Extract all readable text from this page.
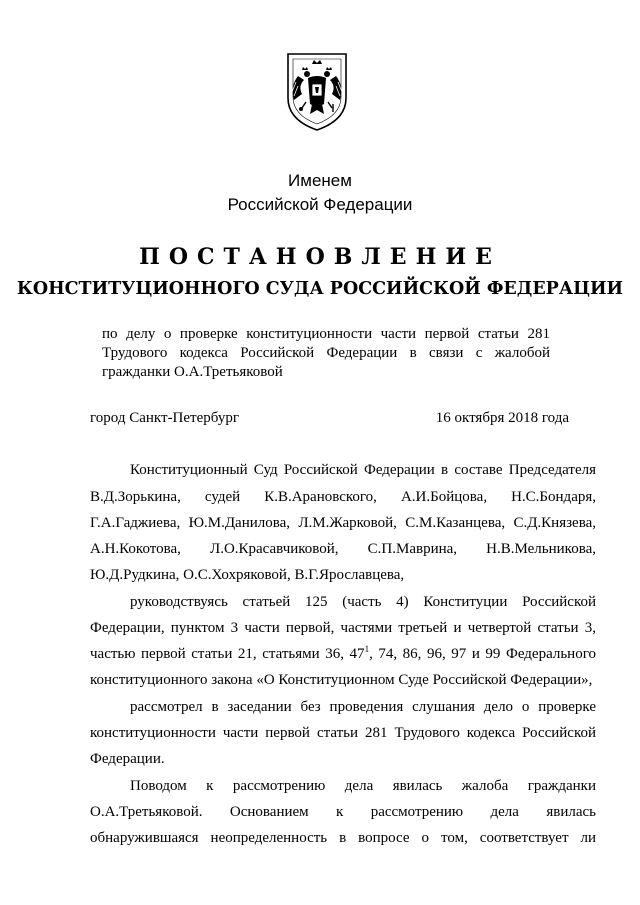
Именем
Российской Федерации
ПОСТАНОВЛЕНИЕ
КОНСТИТУЦИОННОГО СУДА РОССИЙСКОЙ ФЕДЕРАЦИИ
по делу о проверке конституционности части первой статьи 281
Трудового кодекса Российской Федерации в связи с жалобой
гражданки О.А.Третьяковой
город Санкт-Петербург	16 октября 2018 года
Конституционный Суд Российской Федерации в составе Председателя
В.Д.Зорькина, судей К.В.Арановского, А.И.Бойцова, Н.С.Бондаря,
Г.А.Гаджиева, Ю.М.Данилова, Л.М.Жарковой, С.М.Казанцева, С.Д.Князева,
А.Н.Кокотова, Л.О.Красавчиковой, С.П.Маврина, Н.В.Мельникова,
Ю.Д.Рудкина, О.С.Хохряковой, В.Г.Ярославцева,
руководствуясь статьей 125 (часть 4) Конституции Российской
Федерации, пунктом 3 части первой, частями третьей и четвертой статьи 3,
частью первой статьи 21, статьями 36, $47^1$, 74, 86, 96, 97 и 99 Федерального
конституционного закона «О Конституционном Суде Российской Федерации»,
рассмотрел в заседании без проведения слушания дело о проверке
конституционности части первой статьи 281 Трудового кодекса Российской
Федерации.
Поводом к рассмотрению дела явилась жалоба гражданки
О.А.Третьяковой. Основанием к рассмотрению дела явилась
обнаружившаяся неопределенность в вопросе о том, соответствует ли
